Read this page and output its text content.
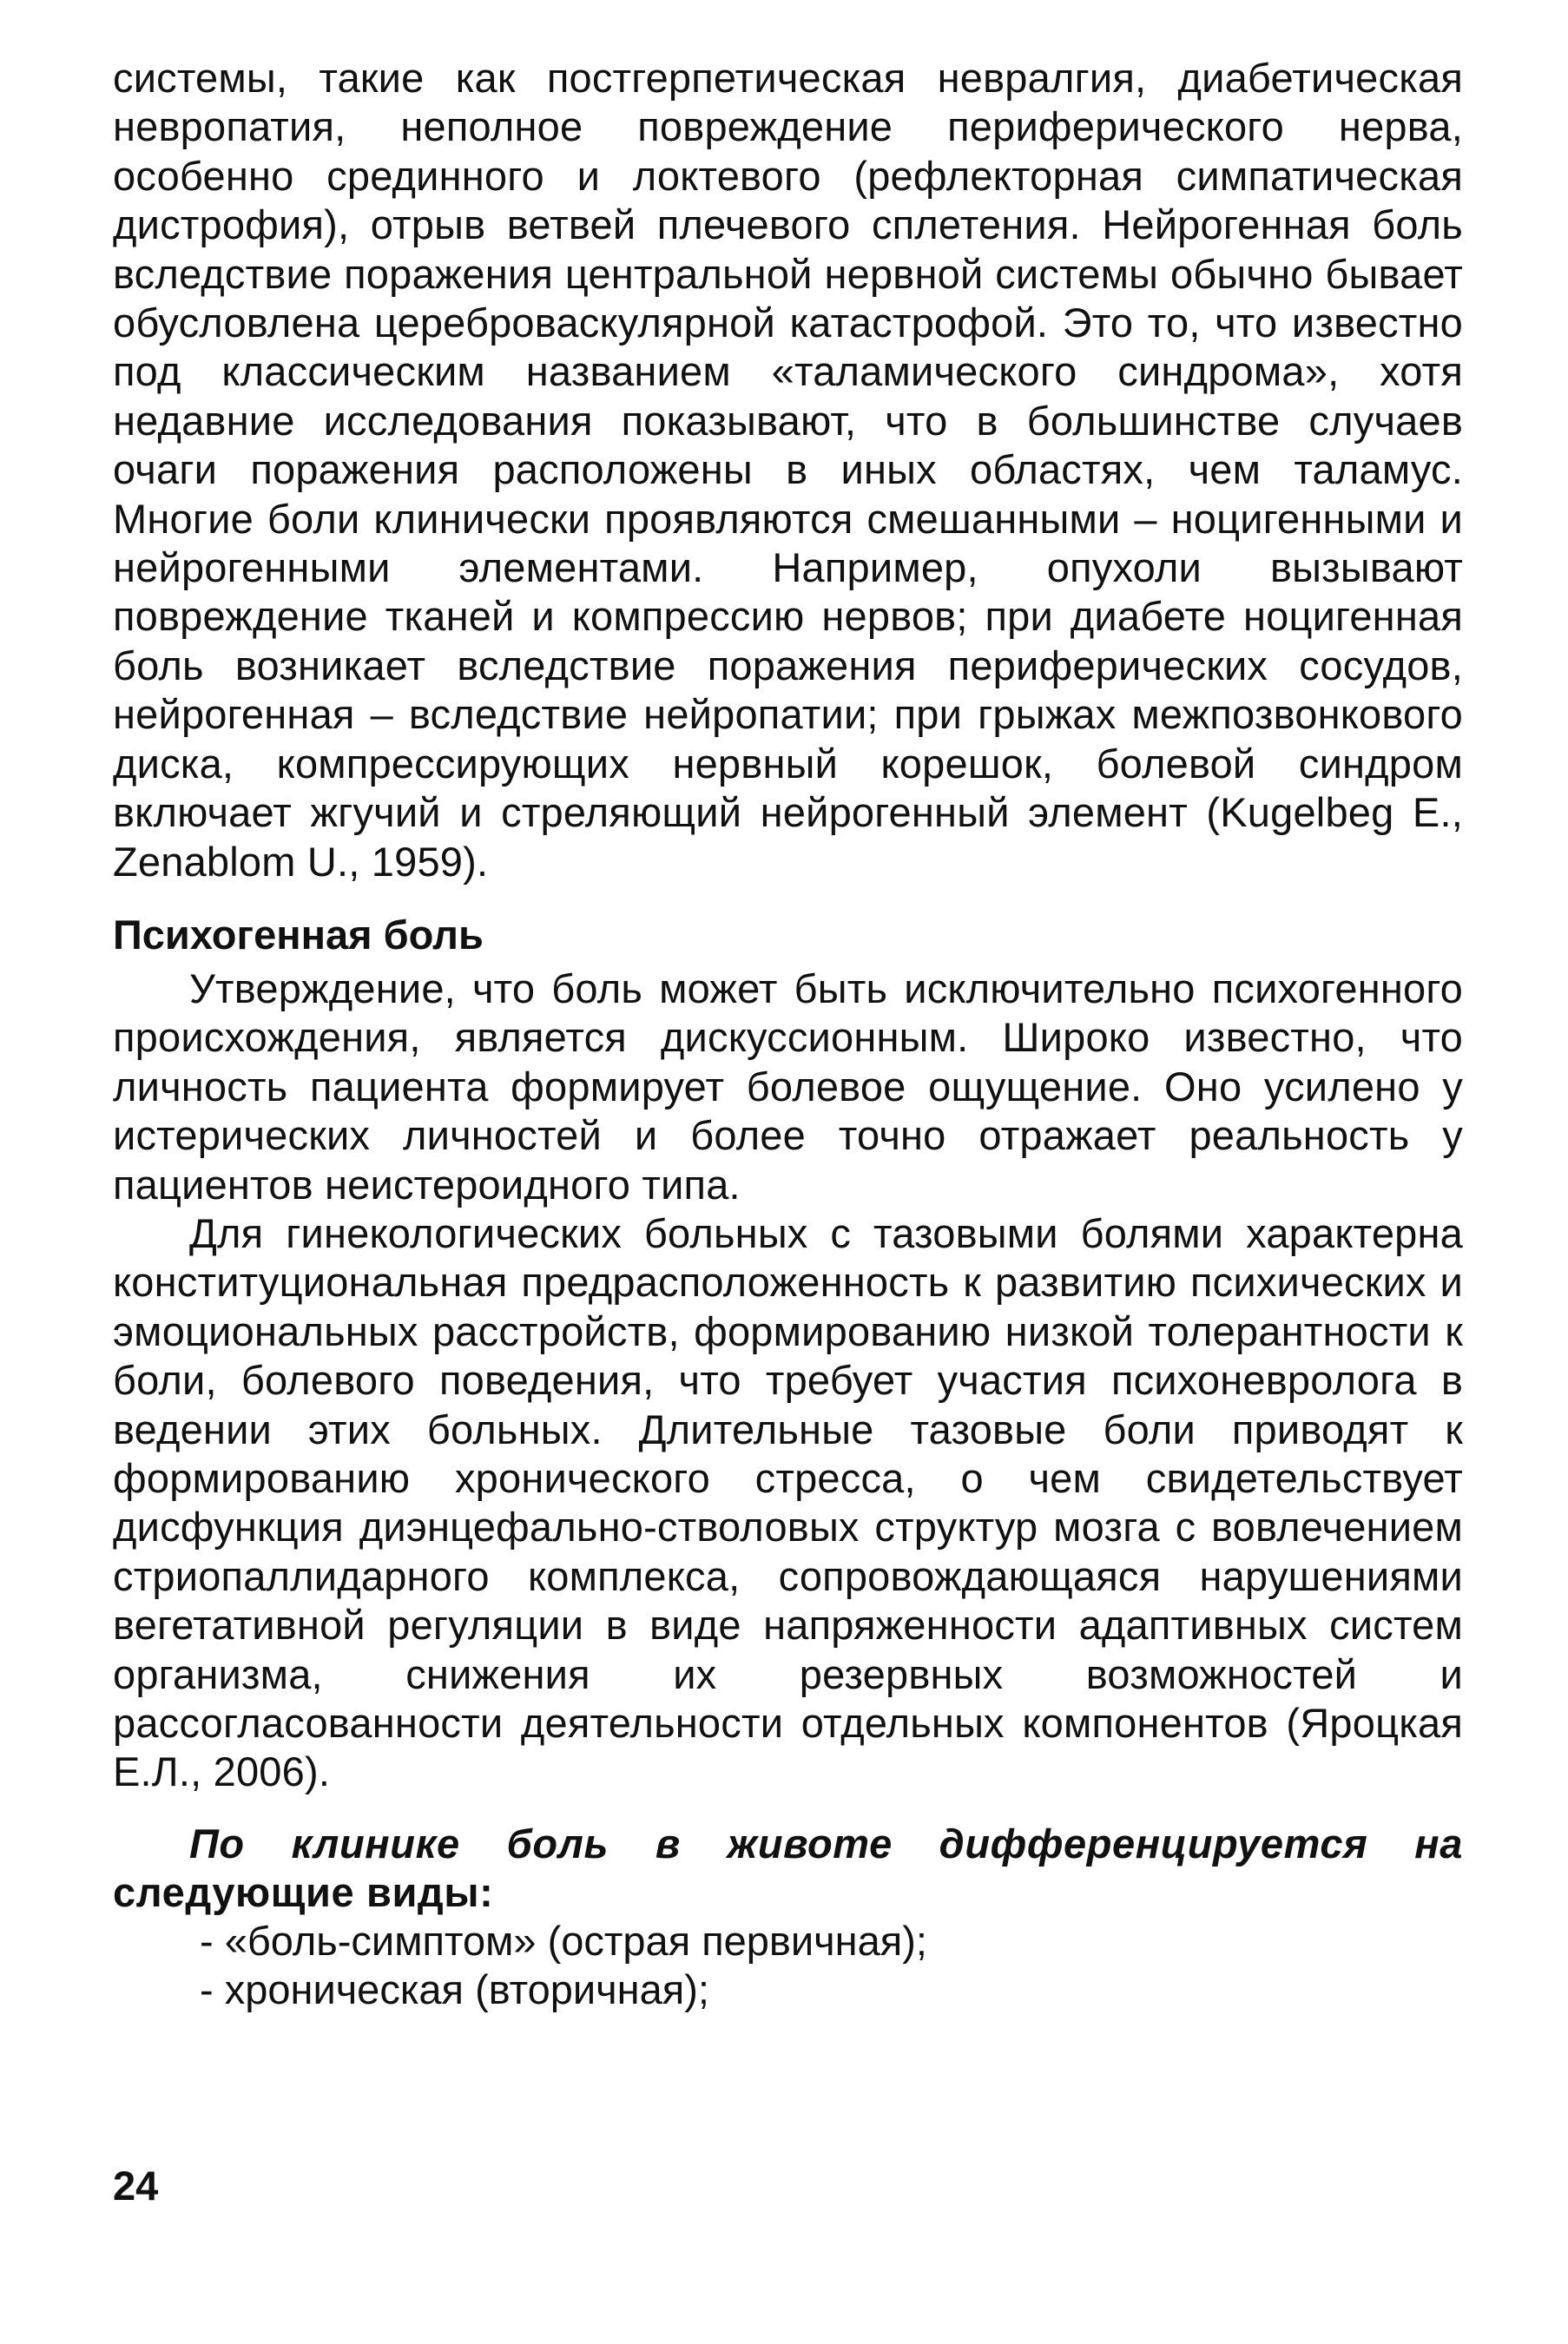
системы, такие как постгерпетическая невралгия, диабетическая невропатия, неполное повреждение периферического нерва, особенно срединного и локтевого (рефлекторная симпатическая дистрофия), отрыв ветвей плечевого сплетения. Нейрогенная боль вследствие поражения центральной нервной системы обычно бывает обусловлена цереброваскулярной катастрофой. Это то, что известно под классическим названием «таламического синдрома», хотя недавние исследования показывают, что в большинстве случаев очаги поражения расположены в иных областях, чем таламус. Многие боли клинически проявляются смешанными – ноцигенными и нейрогенными элементами. Например, опухоли вызывают повреждение тканей и компрессию нервов; при диабете ноцигенная боль возникает вследствие поражения периферических сосудов, нейрогенная – вследствие нейропатии; при грыжах межпозвонкового диска, компрессирующих нервный корешок, болевой синдром включает жгучий и стреляющий нейрогенный элемент (Kugelbeg E., Zenablom U., 1959).

Психогенная боль

Утверждение, что боль может быть исключительно психогенного происхождения, является дискуссионным. Широко известно, что личность пациента формирует болевое ощущение. Оно усилено у истерических личностей и более точно отражает реальность у пациентов неистероидного типа.

Для гинекологических больных с тазовыми болями характерна конституциональная предрасположенность к развитию психических и эмоциональных расстройств, формированию низкой толерантности к боли, болевого поведения, что требует участия психоневролога в ведении этих больных. Длительные тазовые боли приводят к формированию хронического стресса, о чем свидетельствует дисфункция диэнцефально-стволовых структур мозга с вовлечением стриопаллидарного комплекса, сопровождающаяся нарушениями вегетативной регуляции в виде напряженности адаптивных систем организма, снижения их резервных возможностей и рассогласованности деятельности отдельных компонентов (Яроцкая Е.Л., 2006).

По клинике боль в животе дифференцируется на следующие виды:

- «боль-симптом» (острая первичная);
- хроническая (вторичная);
24
